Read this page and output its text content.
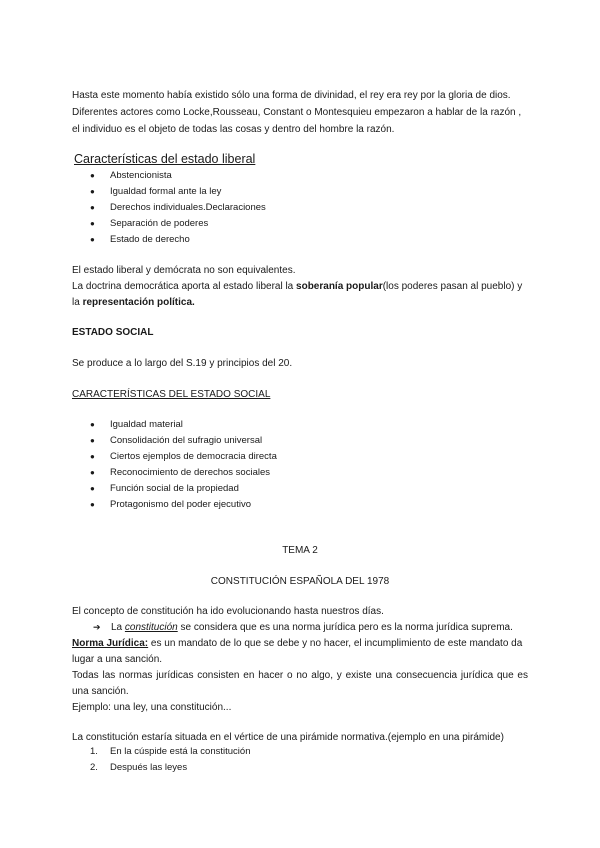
Hasta este momento había existido sólo una forma de divinidad, el rey era rey por la gloria de dios.
Diferentes actores como Locke,Rousseau, Constant o Montesquieu empezaron a hablar de la razón ,
el individuo es el objeto de todas las cosas y dentro del hombre la razón.
Características del estado liberal
● Abstencionista
● Igualdad formal ante la ley
● Derechos individuales.Declaraciones
● Separación de poderes
● Estado de derecho
El estado liberal y demócrata no son equivalentes.
La doctrina democrática aporta al estado liberal la soberanía popular(los poderes pasan al pueblo) y
la representación política.
ESTADO SOCIAL
Se produce a lo largo del S.19 y principios del 20.
CARACTERÍSTICAS DEL ESTADO SOCIAL
● Igualdad material
● Consolidación del sufragio universal
● Ciertos ejemplos de democracia directa
● Reconocimiento de derechos sociales
● Función social de la propiedad
● Protagonismo del poder ejecutivo
TEMA 2
CONSTITUCIÓN ESPAÑOLA DEL 1978
El concepto de constitución ha ido evolucionando hasta nuestros días.
➔ La constitución se considera que es una norma jurídica pero es la norma jurídica suprema.
Norma Jurídica: es un mandato de lo que se debe y no hacer, el incumplimiento de este mandato da
lugar a una sanción.
Todas las normas jurídicas consisten en hacer o no algo, y existe una consecuencia jurídica que es
una sanción.
Ejemplo: una ley, una constitución...
La constitución estaría situada en el vértice de una pirámide normativa.(ejemplo en una pirámide)
1. En la cúspide está la constitución
2. Después las leyes
